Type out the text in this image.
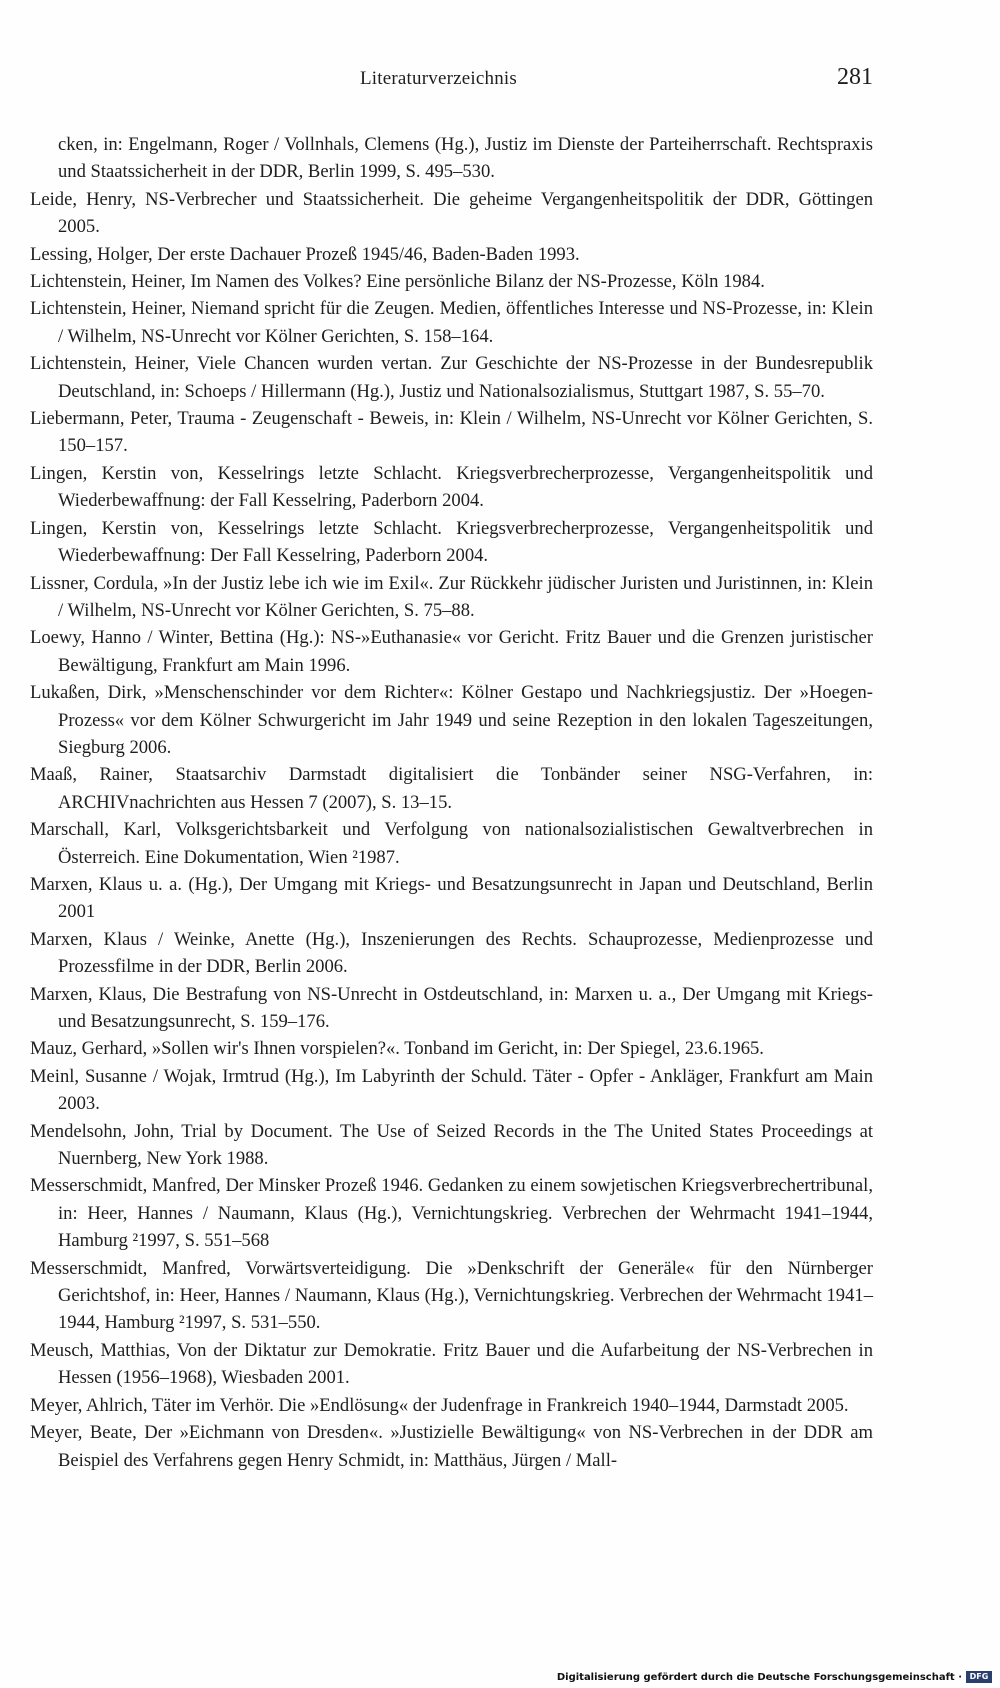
Literaturverzeichnis	281
cken, in: Engelmann, Roger / Vollnhals, Clemens (Hg.), Justiz im Dienste der Parteiherrschaft. Rechtspraxis und Staatssicherheit in der DDR, Berlin 1999, S. 495–530.
Leide, Henry, NS-Verbrecher und Staatssicherheit. Die geheime Vergangenheitspolitik der DDR, Göttingen 2005.
Lessing, Holger, Der erste Dachauer Prozeß 1945/46, Baden-Baden 1993.
Lichtenstein, Heiner, Im Namen des Volkes? Eine persönliche Bilanz der NS-Prozesse, Köln 1984.
Lichtenstein, Heiner, Niemand spricht für die Zeugen. Medien, öffentliches Interesse und NS-Prozesse, in: Klein / Wilhelm, NS-Unrecht vor Kölner Gerichten, S. 158–164.
Lichtenstein, Heiner, Viele Chancen wurden vertan. Zur Geschichte der NS-Prozesse in der Bundesrepublik Deutschland, in: Schoeps / Hillermann (Hg.), Justiz und Nationalsozialismus, Stuttgart 1987, S. 55–70.
Liebermann, Peter, Trauma - Zeugenschaft - Beweis, in: Klein / Wilhelm, NS-Unrecht vor Kölner Gerichten, S. 150–157.
Lingen, Kerstin von, Kesselrings letzte Schlacht. Kriegsverbrecherprozesse, Vergangenheitspolitik und Wiederbewaffnung: der Fall Kesselring, Paderborn 2004.
Lingen, Kerstin von, Kesselrings letzte Schlacht. Kriegsverbrecherprozesse, Vergangenheitspolitik und Wiederbewaffnung: Der Fall Kesselring, Paderborn 2004.
Lissner, Cordula, »In der Justiz lebe ich wie im Exil«. Zur Rückkehr jüdischer Juristen und Juristinnen, in: Klein / Wilhelm, NS-Unrecht vor Kölner Gerichten, S. 75–88.
Loewy, Hanno / Winter, Bettina (Hg.): NS-»Euthanasie« vor Gericht. Fritz Bauer und die Grenzen juristischer Bewältigung, Frankfurt am Main 1996.
Lukaßen, Dirk, »Menschenschinder vor dem Richter«: Kölner Gestapo und Nachkriegsjustiz. Der »Hoegen-Prozess« vor dem Kölner Schwurgericht im Jahr 1949 und seine Rezeption in den lokalen Tageszeitungen, Siegburg 2006.
Maaß, Rainer, Staatsarchiv Darmstadt digitalisiert die Tonbänder seiner NSG-Verfahren, in: ARCHIVnachrichten aus Hessen 7 (2007), S. 13–15.
Marschall, Karl, Volksgerichtsbarkeit und Verfolgung von nationalsozialistischen Gewaltverbrechen in Österreich. Eine Dokumentation, Wien ²1987.
Marxen, Klaus u. a. (Hg.), Der Umgang mit Kriegs- und Besatzungsunrecht in Japan und Deutschland, Berlin 2001
Marxen, Klaus / Weinke, Anette (Hg.), Inszenierungen des Rechts. Schauprozesse, Medienprozesse und Prozessfilme in der DDR, Berlin 2006.
Marxen, Klaus, Die Bestrafung von NS-Unrecht in Ostdeutschland, in: Marxen u. a., Der Umgang mit Kriegs- und Besatzungsunrecht, S. 159–176.
Mauz, Gerhard, »Sollen wir's Ihnen vorspielen?«. Tonband im Gericht, in: Der Spiegel, 23.6.1965.
Meinl, Susanne / Wojak, Irmtrud (Hg.), Im Labyrinth der Schuld. Täter - Opfer - Ankläger, Frankfurt am Main 2003.
Mendelsohn, John, Trial by Document. The Use of Seized Records in the The United States Proceedings at Nuernberg, New York 1988.
Messerschmidt, Manfred, Der Minsker Prozeß 1946. Gedanken zu einem sowjetischen Kriegsverbrechertribunal, in: Heer, Hannes / Naumann, Klaus (Hg.), Vernichtungskrieg. Verbrechen der Wehrmacht 1941–1944, Hamburg ²1997, S. 551–568
Messerschmidt, Manfred, Vorwärtsverteidigung. Die »Denkschrift der Generäle« für den Nürnberger Gerichtshof, in: Heer, Hannes / Naumann, Klaus (Hg.), Vernichtungskrieg. Verbrechen der Wehrmacht 1941–1944, Hamburg ²1997, S. 531–550.
Meusch, Matthias, Von der Diktatur zur Demokratie. Fritz Bauer und die Aufarbeitung der NS-Verbrechen in Hessen (1956–1968), Wiesbaden 2001.
Meyer, Ahlrich, Täter im Verhör. Die »Endlösung« der Judenfrage in Frankreich 1940–1944, Darmstadt 2005.
Meyer, Beate, Der »Eichmann von Dresden«. »Justizielle Bewältigung« von NS-Verbrechen in der DDR am Beispiel des Verfahrens gegen Henry Schmidt, in: Matthäus, Jürgen / Mall-
Digitalisierung gefördert durch die Deutsche Forschungsgemeinschaft · DFG
